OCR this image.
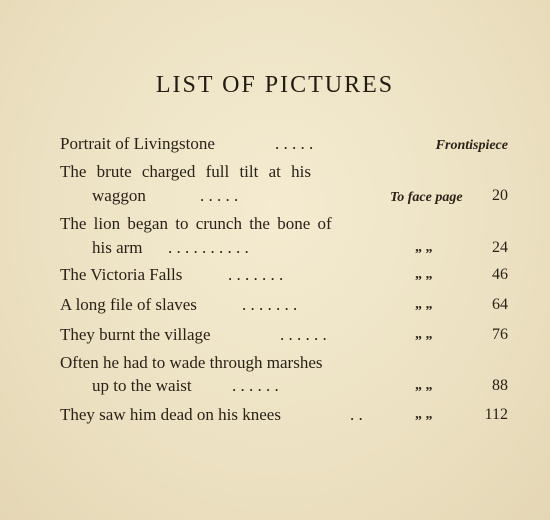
LIST OF PICTURES
Portrait of Livingstone	. . . . .	Frontispiece
The brute charged full tilt at his
waggon	. . . . .	To face page 20
The lion began to crunch the bone of
his arm . . . . . . . . . .	„ „	24
The Victoria Falls	. . . . . . .	„ „	46
A long file of slaves	. . . . . . .	„ „	64
They burnt the village	. . . . . .	„ „	76
Often he had to wade through marshes
up to the waist . . . . . .	„ „	88
They saw him dead on his knees	. .	„ „	112
